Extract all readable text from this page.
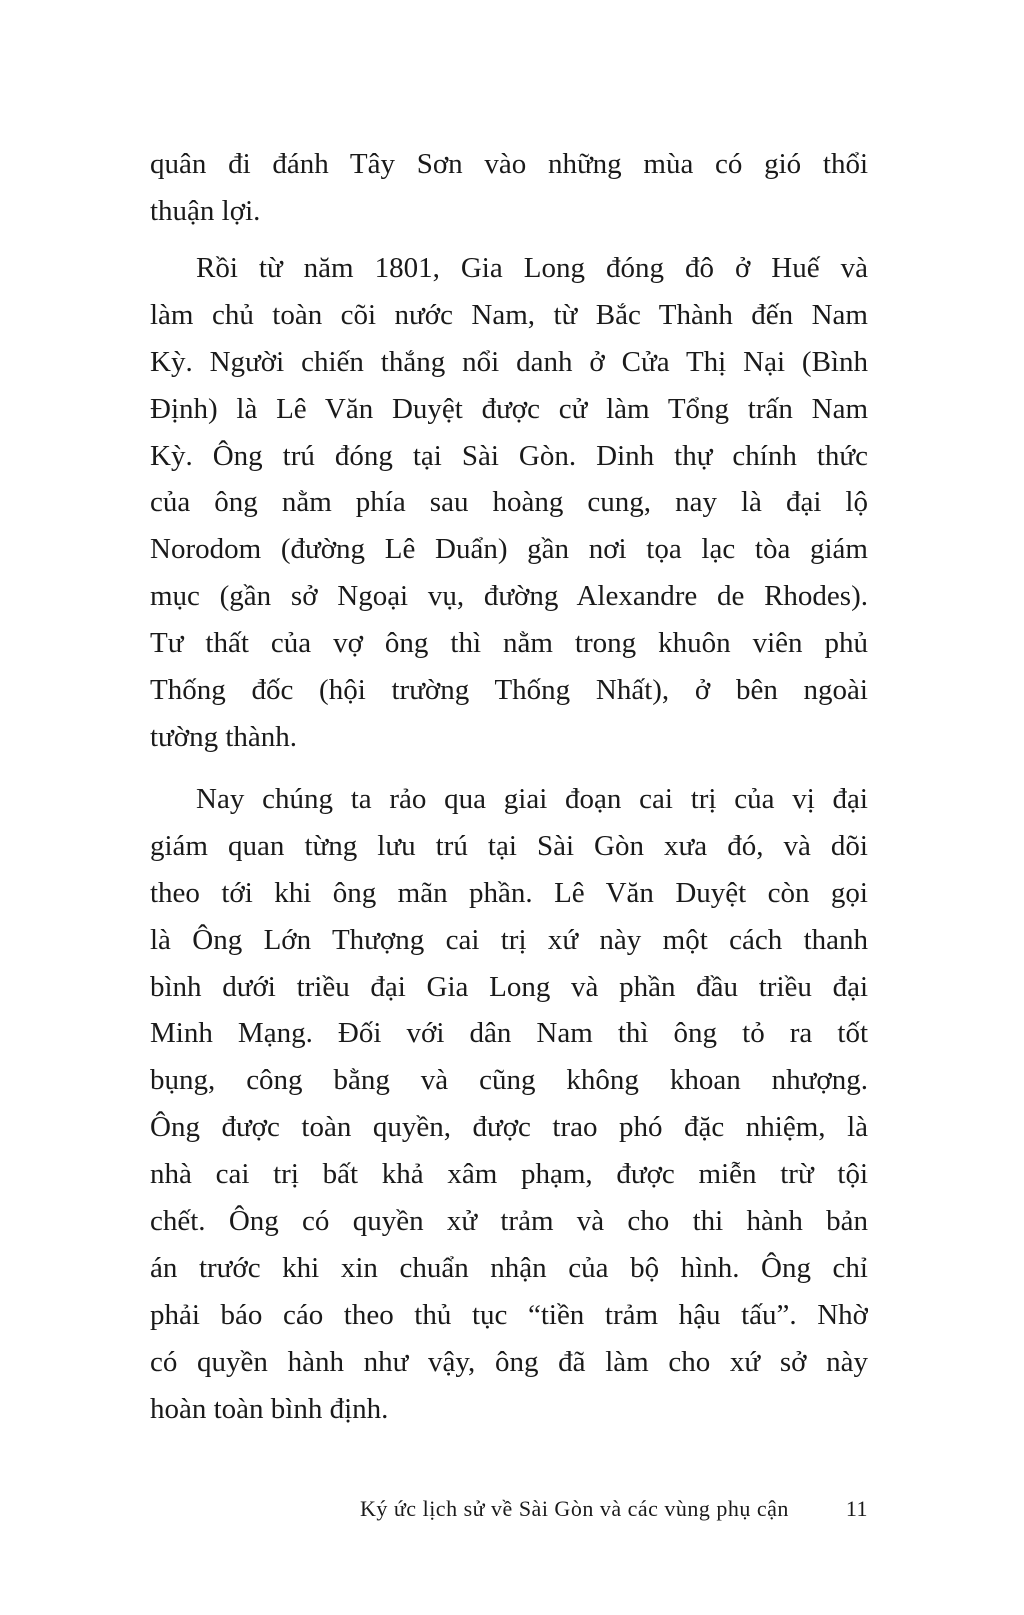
quân đi đánh Tây Sơn vào những mùa có gió thổi
thuận lợi.
Rồi từ năm 1801, Gia Long đóng đô ở Huế và
làm chủ toàn cõi nước Nam, từ Bắc Thành đến Nam
Kỳ. Người chiến thắng nổi danh ở Cửa Thị Nại (Bình
Định) là Lê Văn Duyệt được cử làm Tổng trấn Nam
Kỳ. Ông trú đóng tại Sài Gòn. Dinh thự chính thức
của ông nằm phía sau hoàng cung, nay là đại lộ
Norodom (đường Lê Duẩn) gần nơi tọa lạc tòa giám
mục (gần sở Ngoại vụ, đường Alexandre de Rhodes).
Tư thất của vợ ông thì nằm trong khuôn viên phủ
Thống đốc (hội trường Thống Nhất), ở bên ngoài
tường thành.
Nay chúng ta rảo qua giai đoạn cai trị của vị đại
giám quan từng lưu trú tại Sài Gòn xưa đó, và dõi
theo tới khi ông mãn phần. Lê Văn Duyệt còn gọi
là Ông Lớn Thượng cai trị xứ này một cách thanh
bình dưới triều đại Gia Long và phần đầu triều đại
Minh Mạng. Đối với dân Nam thì ông tỏ ra tốt
bụng, công bằng và cũng không khoan nhượng.
Ông được toàn quyền, được trao phó đặc nhiệm, là
nhà cai trị bất khả xâm phạm, được miễn trừ tội
chết. Ông có quyền xử trảm và cho thi hành bản
án trước khi xin chuẩn nhận của bộ hình. Ông chỉ
phải báo cáo theo thủ tục “tiền trảm hậu tấu”. Nhờ
có quyền hành như vậy, ông đã làm cho xứ sở này
hoàn toàn bình định.
Ký ức lịch sử về Sài Gòn và các vùng phụ cận	11
